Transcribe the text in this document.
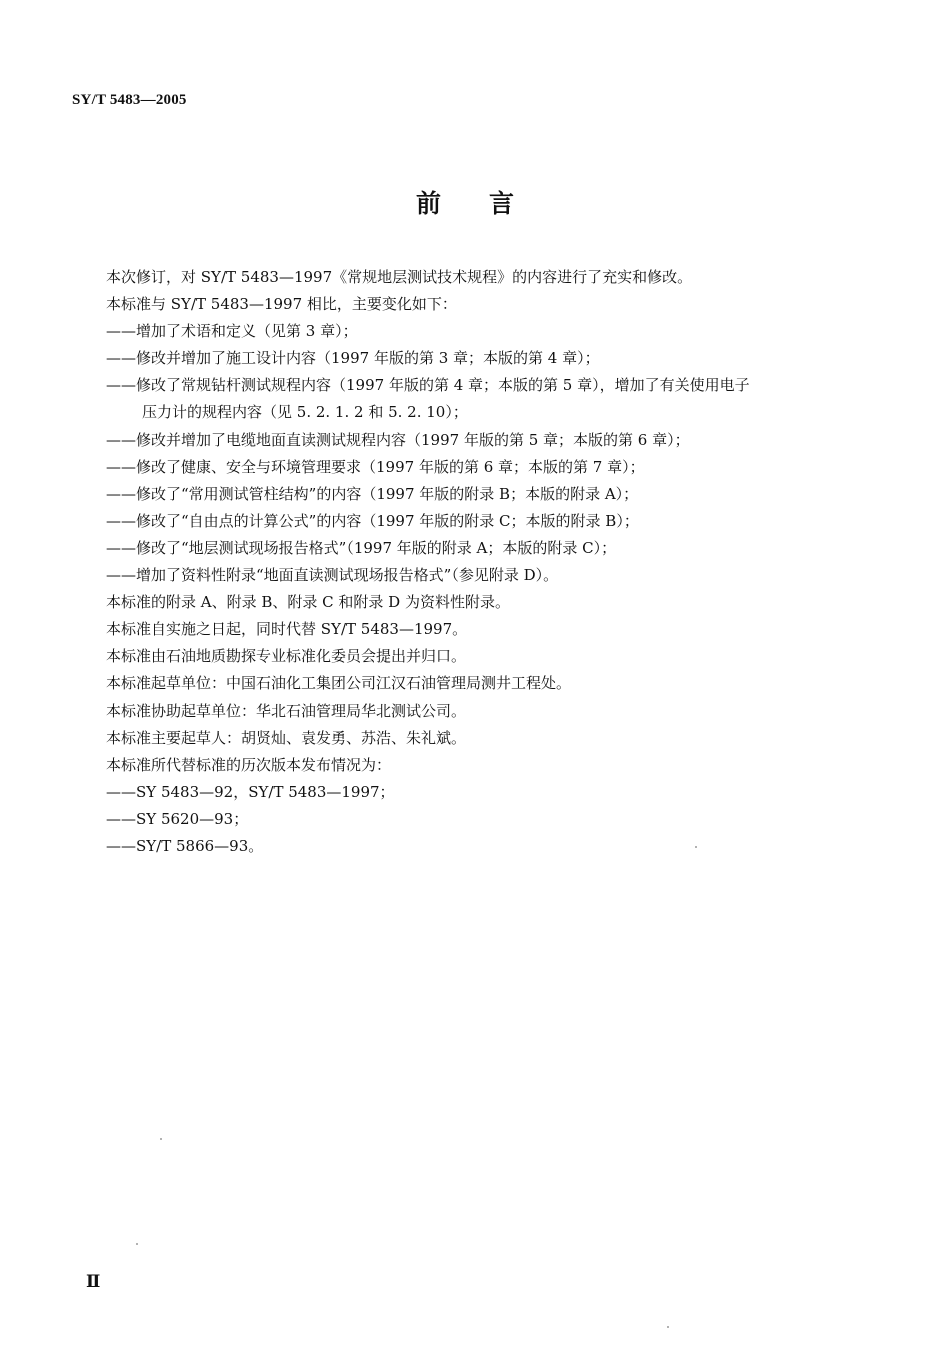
SY/T 5483—2005
前言
本次修订，对 SY/T 5483—1997《常规地层测试技术规程》的内容进行了充实和修改。
本标准与 SY/T 5483—1997 相比，主要变化如下：
——增加了术语和定义（见第 3 章）；
——修改并增加了施工设计内容（1997 年版的第 3 章；本版的第 4 章）；
——修改了常规钻杆测试规程内容（1997 年版的第 4 章；本版的第 5 章），增加了有关使用电子
压力计的规程内容（见 5. 2. 1. 2 和 5. 2. 10）；
——修改并增加了电缆地面直读测试规程内容（1997 年版的第 5 章；本版的第 6 章）；
——修改了健康、安全与环境管理要求（1997 年版的第 6 章；本版的第 7 章）；
——修改了“常用测试管柱结构”的内容（1997 年版的附录 B；本版的附录 A）；
——修改了“自由点的计算公式”的内容（1997 年版的附录 C；本版的附录 B）；
——修改了“地层测试现场报告格式”（1997 年版的附录 A；本版的附录 C）；
——增加了资料性附录“地面直读测试现场报告格式”（参见附录 D）。
本标准的附录 A、附录 B、附录 C 和附录 D 为资料性附录。
本标准自实施之日起，同时代替 SY/T 5483—1997。
本标准由石油地质勘探专业标准化委员会提出并归口。
本标准起草单位：中国石油化工集团公司江汉石油管理局测井工程处。
本标准协助起草单位：华北石油管理局华北测试公司。
本标准主要起草人：胡贤灿、袁发勇、苏浩、朱礼斌。
本标准所代替标准的历次版本发布情况为：
——SY 5483—92，SY/T 5483—1997；
——SY 5620—93；
——SY/T 5866—93。
Ⅱ
